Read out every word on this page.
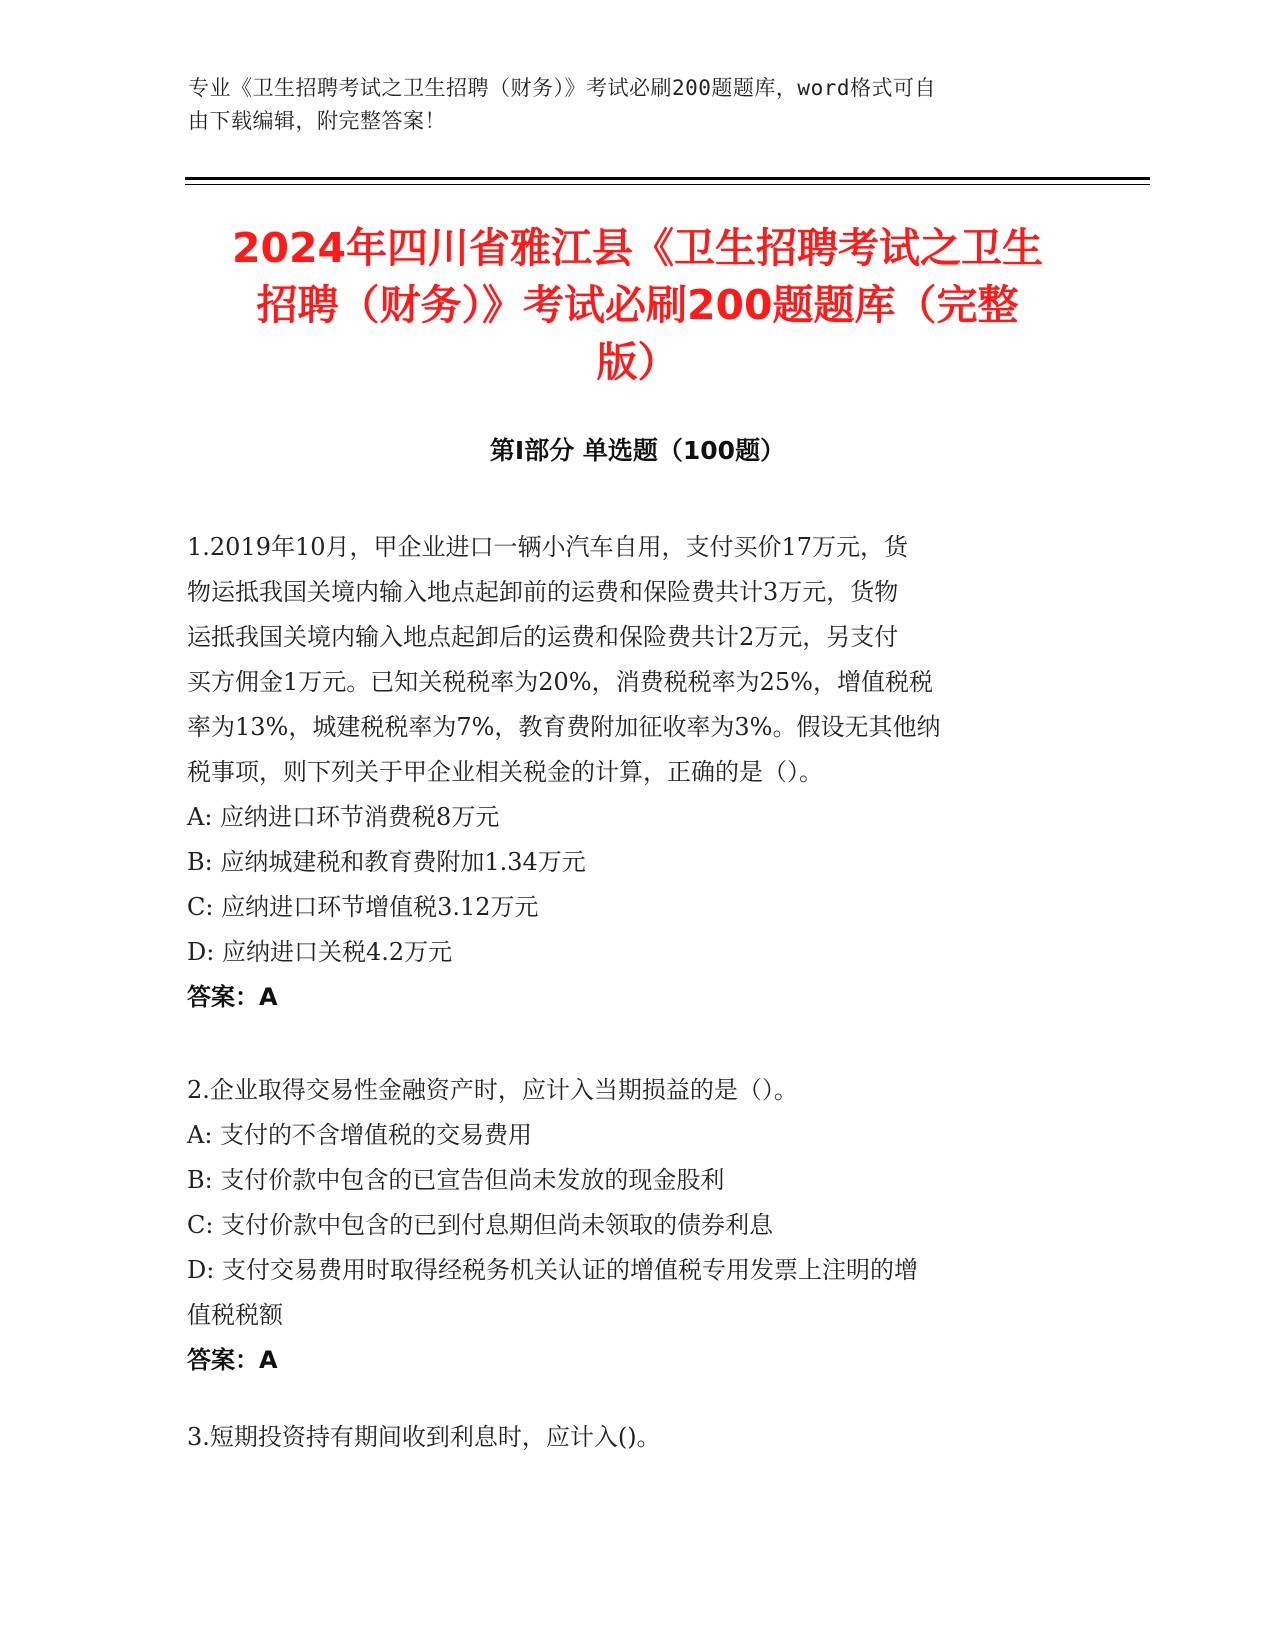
专业《卫生招聘考试之卫生招聘（财务）》考试必刷200题题库，word格式可自
由下载编辑，附完整答案！
2024年四川省雅江县《卫生招聘考试之卫生
招聘（财务）》考试必刷200题题库（完整
版）
第Ⅰ部分 单选题（100题）
1.2019年10月，甲企业进口一辆小汽车自用，支付买价17万元，货
物运抵我国关境内输入地点起卸前的运费和保险费共计3万元，货物
运抵我国关境内输入地点起卸后的运费和保险费共计2万元，另支付
买方佣金1万元。已知关税税率为20%，消费税税率为25%，增值税税
率为13%，城建税税率为7%，教育费附加征收率为3%。假设无其他纳
税事项，则下列关于甲企业相关税金的计算，正确的是（）。
A: 应纳进口环节消费税8万元
B: 应纳城建税和教育费附加1.34万元
C: 应纳进口环节增值税3.12万元
D: 应纳进口关税4.2万元
答案：A
2.企业取得交易性金融资产时，应计入当期损益的是（）。
A: 支付的不含增值税的交易费用
B: 支付价款中包含的已宣告但尚未发放的现金股利
C: 支付价款中包含的已到付息期但尚未领取的债券利息
D: 支付交易费用时取得经税务机关认证的增值税专用发票上注明的增
值税税额
答案：A
3.短期投资持有期间收到利息时，应计入()。
